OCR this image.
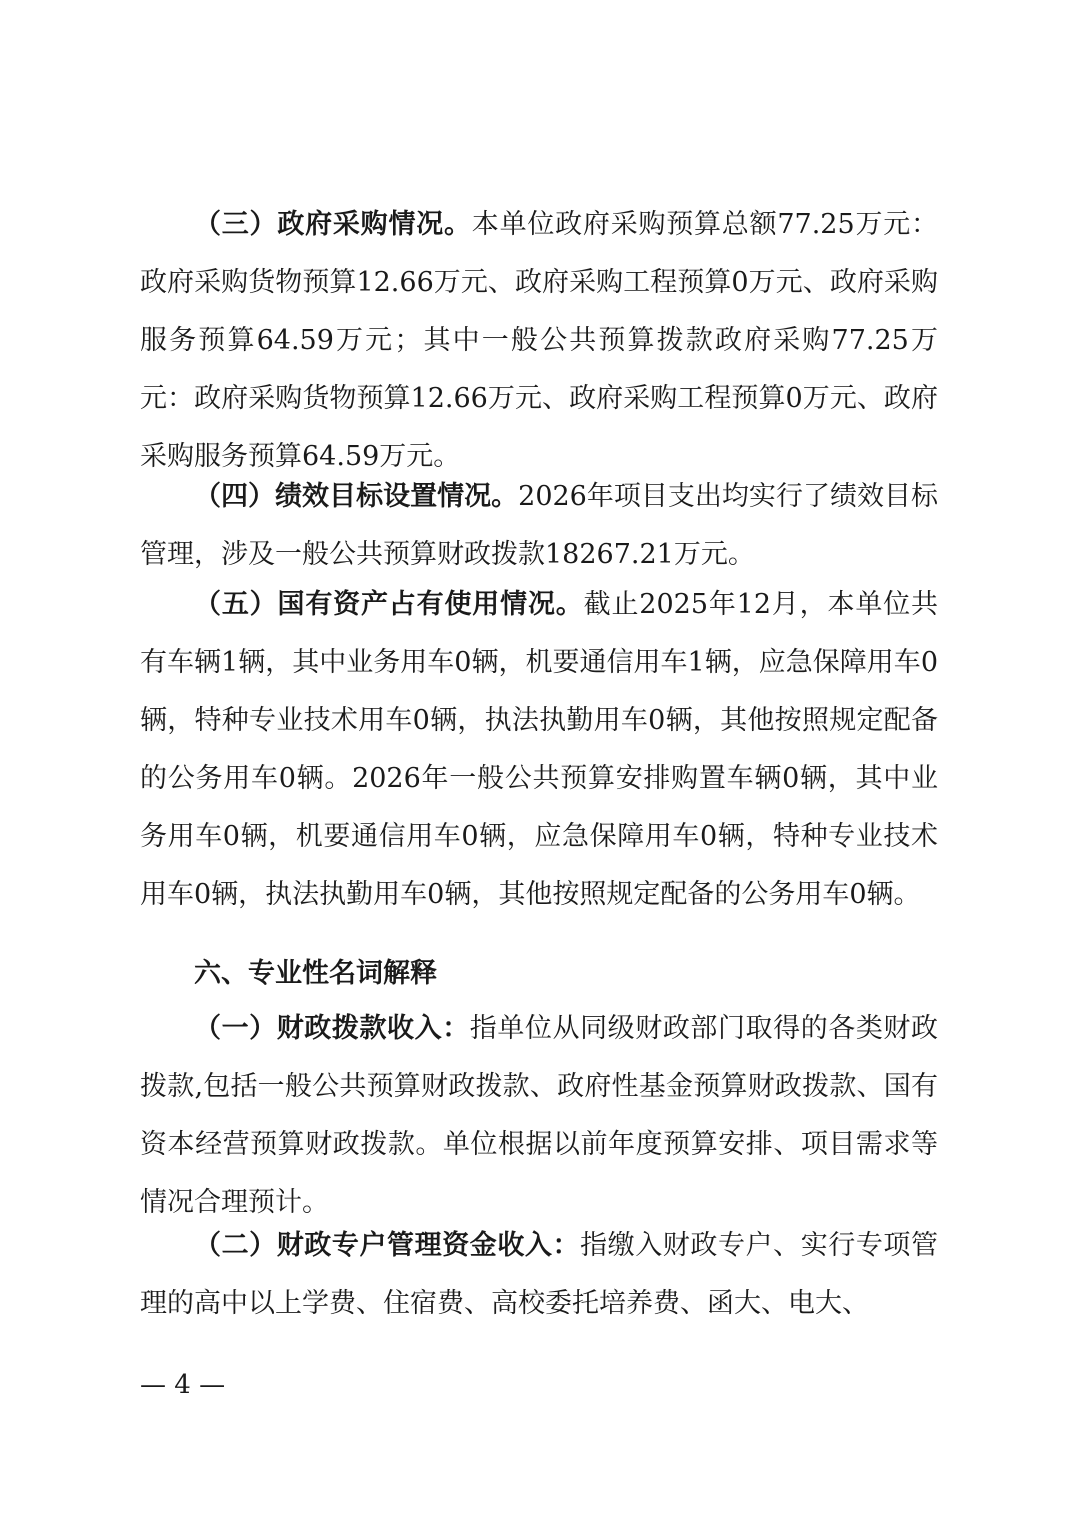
（三）政府采购情况。本单位政府采购预算总额77.25万元：政府采购货物预算12.66万元、政府采购工程预算0万元、政府采购服务预算64.59万元；其中一般公共预算拨款政府采购77.25万元：政府采购货物预算12.66万元、政府采购工程预算0万元、政府采购服务预算64.59万元。

（四）绩效目标设置情况。2026年项目支出均实行了绩效目标管理，涉及一般公共预算财政拨款18267.21万元。

（五）国有资产占有使用情况。截止2025年12月，本单位共有车辆1辆，其中业务用车0辆，机要通信用车1辆，应急保障用车0辆，特种专业技术用车0辆，执法执勤用车0辆，其他按照规定配备的公务用车0辆。2026年一般公共预算安排购置车辆0辆，其中业务用车0辆，机要通信用车0辆，应急保障用车0辆，特种专业技术用车0辆，执法执勤用车0辆，其他按照规定配备的公务用车0辆。

六、专业性名词解释

（一）财政拨款收入：指单位从同级财政部门取得的各类财政拨款,包括一般公共预算财政拨款、政府性基金预算财政拨款、国有资本经营预算财政拨款。单位根据以前年度预算安排、项目需求等情况合理预计。

（二）财政专户管理资金收入：指缴入财政专户、实行专项管理的高中以上学费、住宿费、高校委托培养费、函大、电大、

— 4 —
